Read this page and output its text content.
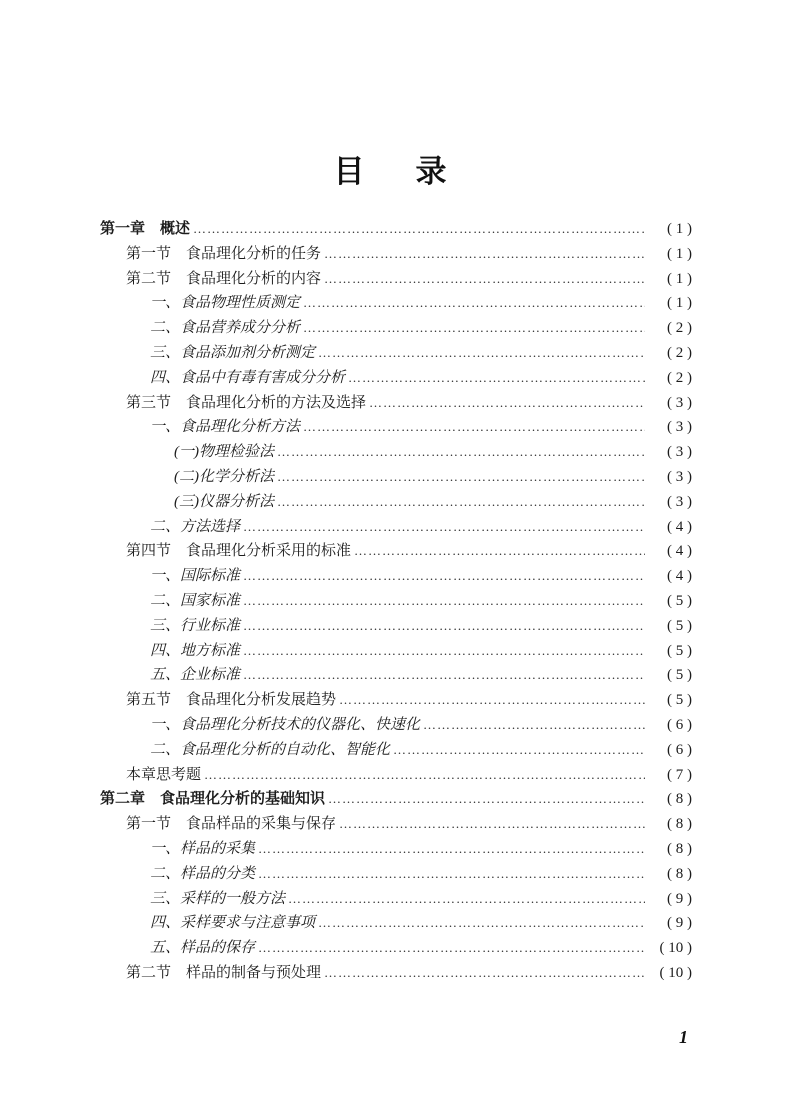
目　录
第一章　概述 …………………………………………………………………………………………………………………………………………	( 1 )
第一节　食品理化分析的任务 …………………………………………………………………………………………………………………………………………	( 1 )
第二节　食品理化分析的内容 …………………………………………………………………………………………………………………………………………	( 1 )
一、食品物理性质测定 …………………………………………………………………………………………………………………………………………	( 1 )
二、食品营养成分分析 …………………………………………………………………………………………………………………………………………	( 2 )
三、食品添加剂分析测定 …………………………………………………………………………………………………………………………………………	( 2 )
四、食品中有毒有害成分分析 …………………………………………………………………………………………………………………………………………	( 2 )
第三节　食品理化分析的方法及选择 …………………………………………………………………………………………………………………………………………	( 3 )
一、食品理化分析方法 …………………………………………………………………………………………………………………………………………	( 3 )
(一)物理检验法 …………………………………………………………………………………………………………………………………………	( 3 )
(二)化学分析法 …………………………………………………………………………………………………………………………………………	( 3 )
(三)仪器分析法 …………………………………………………………………………………………………………………………………………	( 3 )
二、方法选择 …………………………………………………………………………………………………………………………………………	( 4 )
第四节　食品理化分析采用的标准 …………………………………………………………………………………………………………………………………………	( 4 )
一、国际标准 …………………………………………………………………………………………………………………………………………	( 4 )
二、国家标准 …………………………………………………………………………………………………………………………………………	( 5 )
三、行业标准 …………………………………………………………………………………………………………………………………………	( 5 )
四、地方标准 …………………………………………………………………………………………………………………………………………	( 5 )
五、企业标准 …………………………………………………………………………………………………………………………………………	( 5 )
第五节　食品理化分析发展趋势 …………………………………………………………………………………………………………………………………………	( 5 )
一、食品理化分析技术的仪器化、快速化 …………………………………………………………………………………………………………………………………………	( 6 )
二、食品理化分析的自动化、智能化 …………………………………………………………………………………………………………………………………………	( 6 )
本章思考题 …………………………………………………………………………………………………………………………………………	( 7 )
第二章　食品理化分析的基础知识 …………………………………………………………………………………………………………………………………………	( 8 )
第一节　食品样品的采集与保存 …………………………………………………………………………………………………………………………………………	( 8 )
一、样品的采集 …………………………………………………………………………………………………………………………………………	( 8 )
二、样品的分类 …………………………………………………………………………………………………………………………………………	( 8 )
三、采样的一般方法 …………………………………………………………………………………………………………………………………………	( 9 )
四、采样要求与注意事项 …………………………………………………………………………………………………………………………………………	( 9 )
五、样品的保存 …………………………………………………………………………………………………………………………………………	( 10 )
第二节　样品的制备与预处理 …………………………………………………………………………………………………………………………………………	( 10 )
1
